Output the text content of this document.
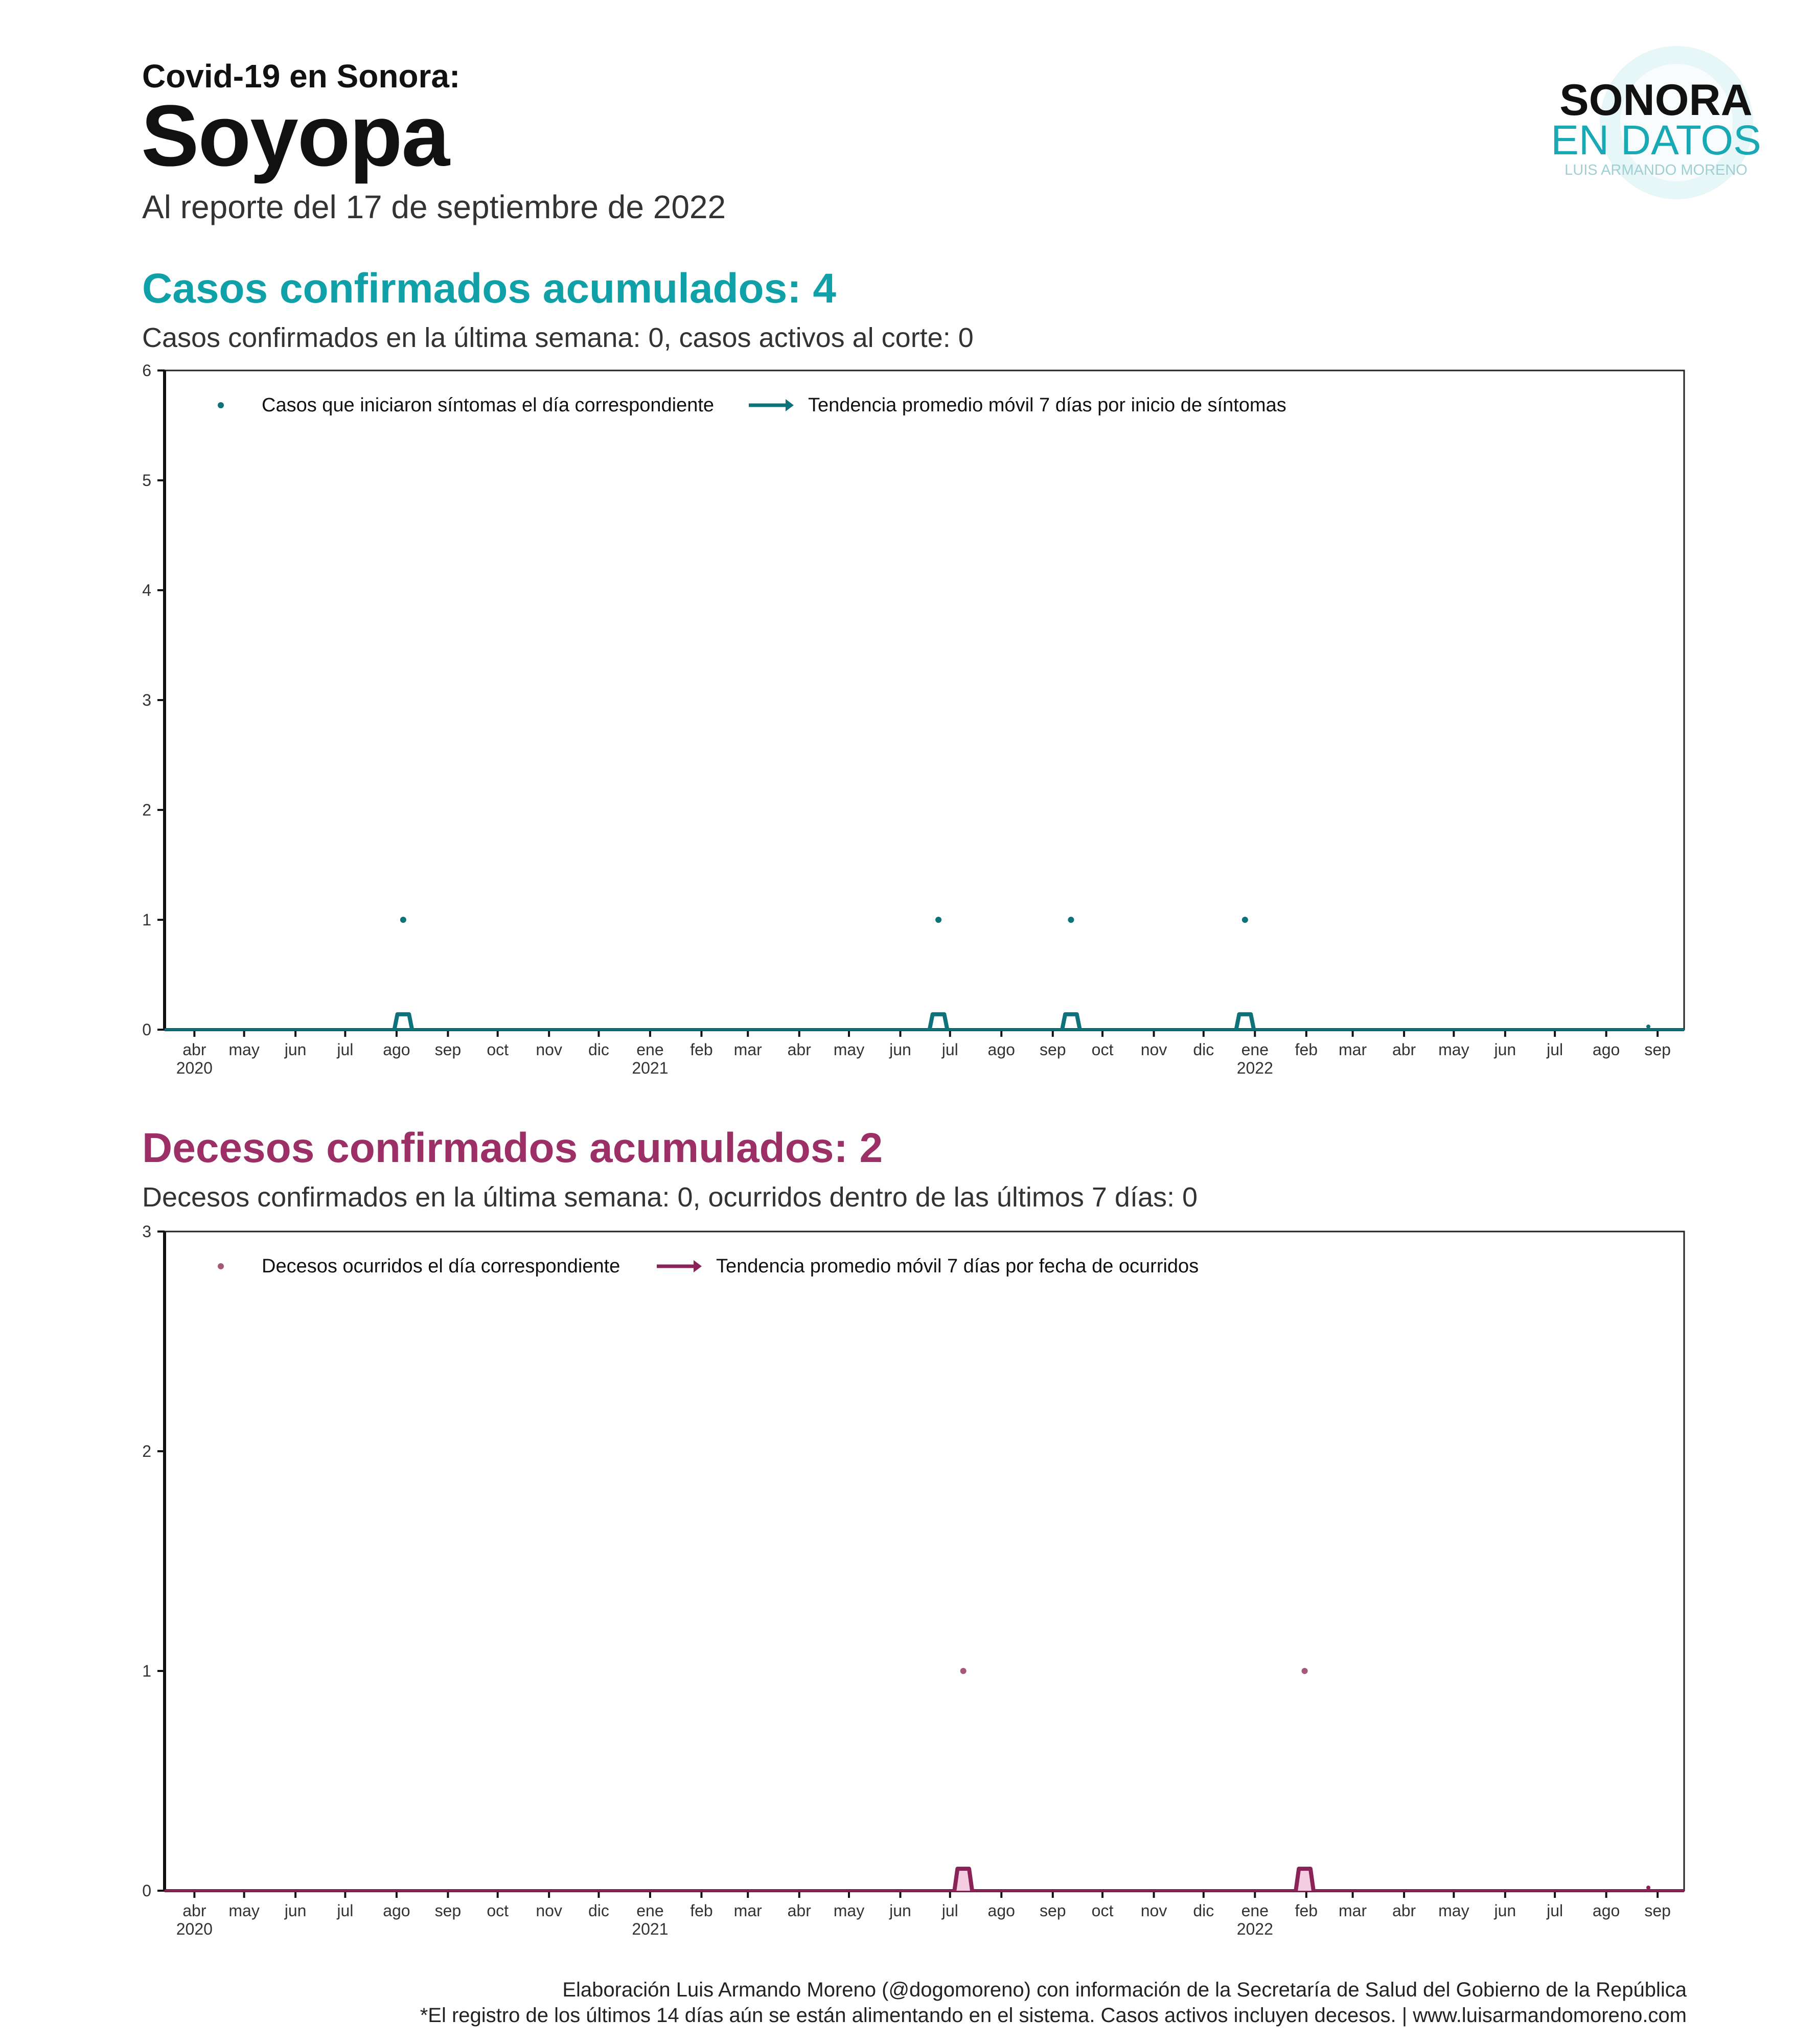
Covid-19 en Sonora:
Soyopa
Al reporte del 17 de septiembre de 2022
SONORA
EN DATOS
LUIS ARMANDO MORENO
Casos confirmados acumulados: 4
Casos confirmados en la última semana: 0, casos activos al corte: 0
0
1
2
3
4
5
6
abr
2020
may jun jul ago sep oct nov dic ene
2021
feb mar abr may jun jul ago sep oct nov dic ene
2022
feb mar abr may jun jul ago sep
Casos que iniciaron síntomas el día correspondiente	Tendencia promedio móvil 7 días por inicio de síntomas
Decesos confirmados acumulados: 2
Decesos confirmados en la última semana: 0, ocurridos dentro de las últimos 7 días: 0
0
1
2
3
abr
2020
may jun jul ago sep oct nov dic ene
2021
feb mar abr may jun jul ago sep oct nov dic ene
2022
feb mar abr may jun jul ago sep
Decesos ocurridos el día correspondiente	Tendencia promedio móvil 7 días por fecha de ocurridos
Elaboración Luis Armando Moreno (@dogomoreno) con información de la Secretaría de Salud del Gobierno de la República
*El registro de los últimos 14 días aún se están alimentando en el sistema. Casos activos incluyen decesos. | www.luisarmandomoreno.com
